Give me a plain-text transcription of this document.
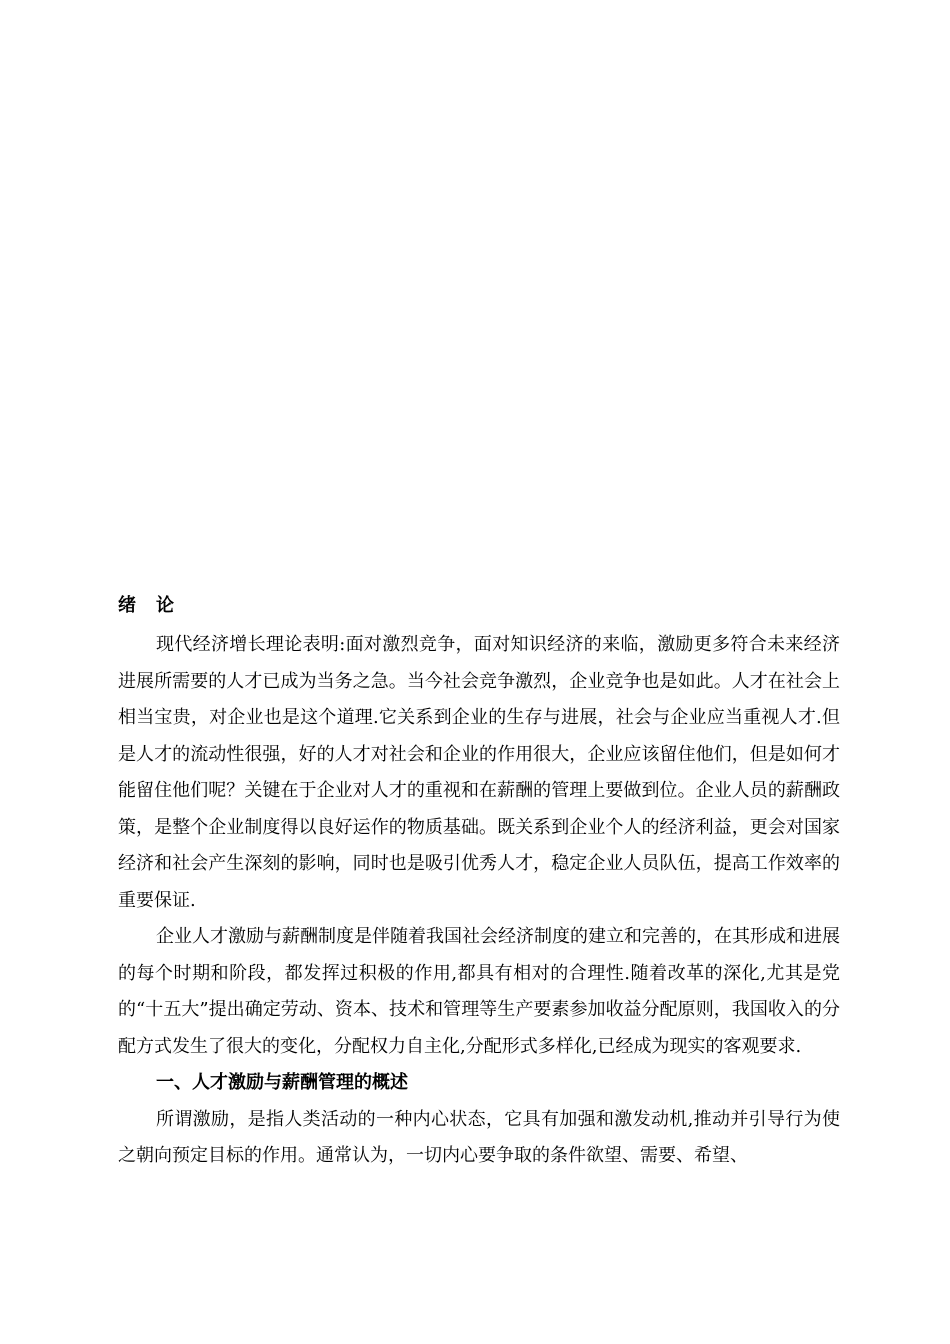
绪论

现代经济增长理论表明:面对激烈竞争，面对知识经济的来临，激励更多符合未来经济进展所需要的人才已成为当务之急。当今社会竞争激烈，企业竞争也是如此。人才在社会上相当宝贵，对企业也是这个道理.它关系到企业的生存与进展，社会与企业应当重视人才.但是人才的流动性很强，好的人才对社会和企业的作用很大，企业应该留住他们，但是如何才能留住他们呢？关键在于企业对人才的重视和在薪酬的管理上要做到位。企业人员的薪酬政策，是整个企业制度得以良好运作的物质基础。既关系到企业个人的经济利益，更会对国家经济和社会产生深刻的影响，同时也是吸引优秀人才，稳定企业人员队伍，提高工作效率的重要保证.

企业人才激励与薪酬制度是伴随着我国社会经济制度的建立和完善的，在其形成和进展的每个时期和阶段，都发挥过积极的作用,都具有相对的合理性.随着改革的深化,尤其是党的“十五大”提出确定劳动、资本、技术和管理等生产要素参加收益分配原则，我国收入的分配方式发生了很大的变化，分配权力自主化,分配形式多样化,已经成为现实的客观要求.

一、人才激励与薪酬管理的概述

所谓激励，是指人类活动的一种内心状态，它具有加强和激发动机,推动并引导行为使之朝向预定目标的作用。通常认为，一切内心要争取的条件欲望、需要、希望、
